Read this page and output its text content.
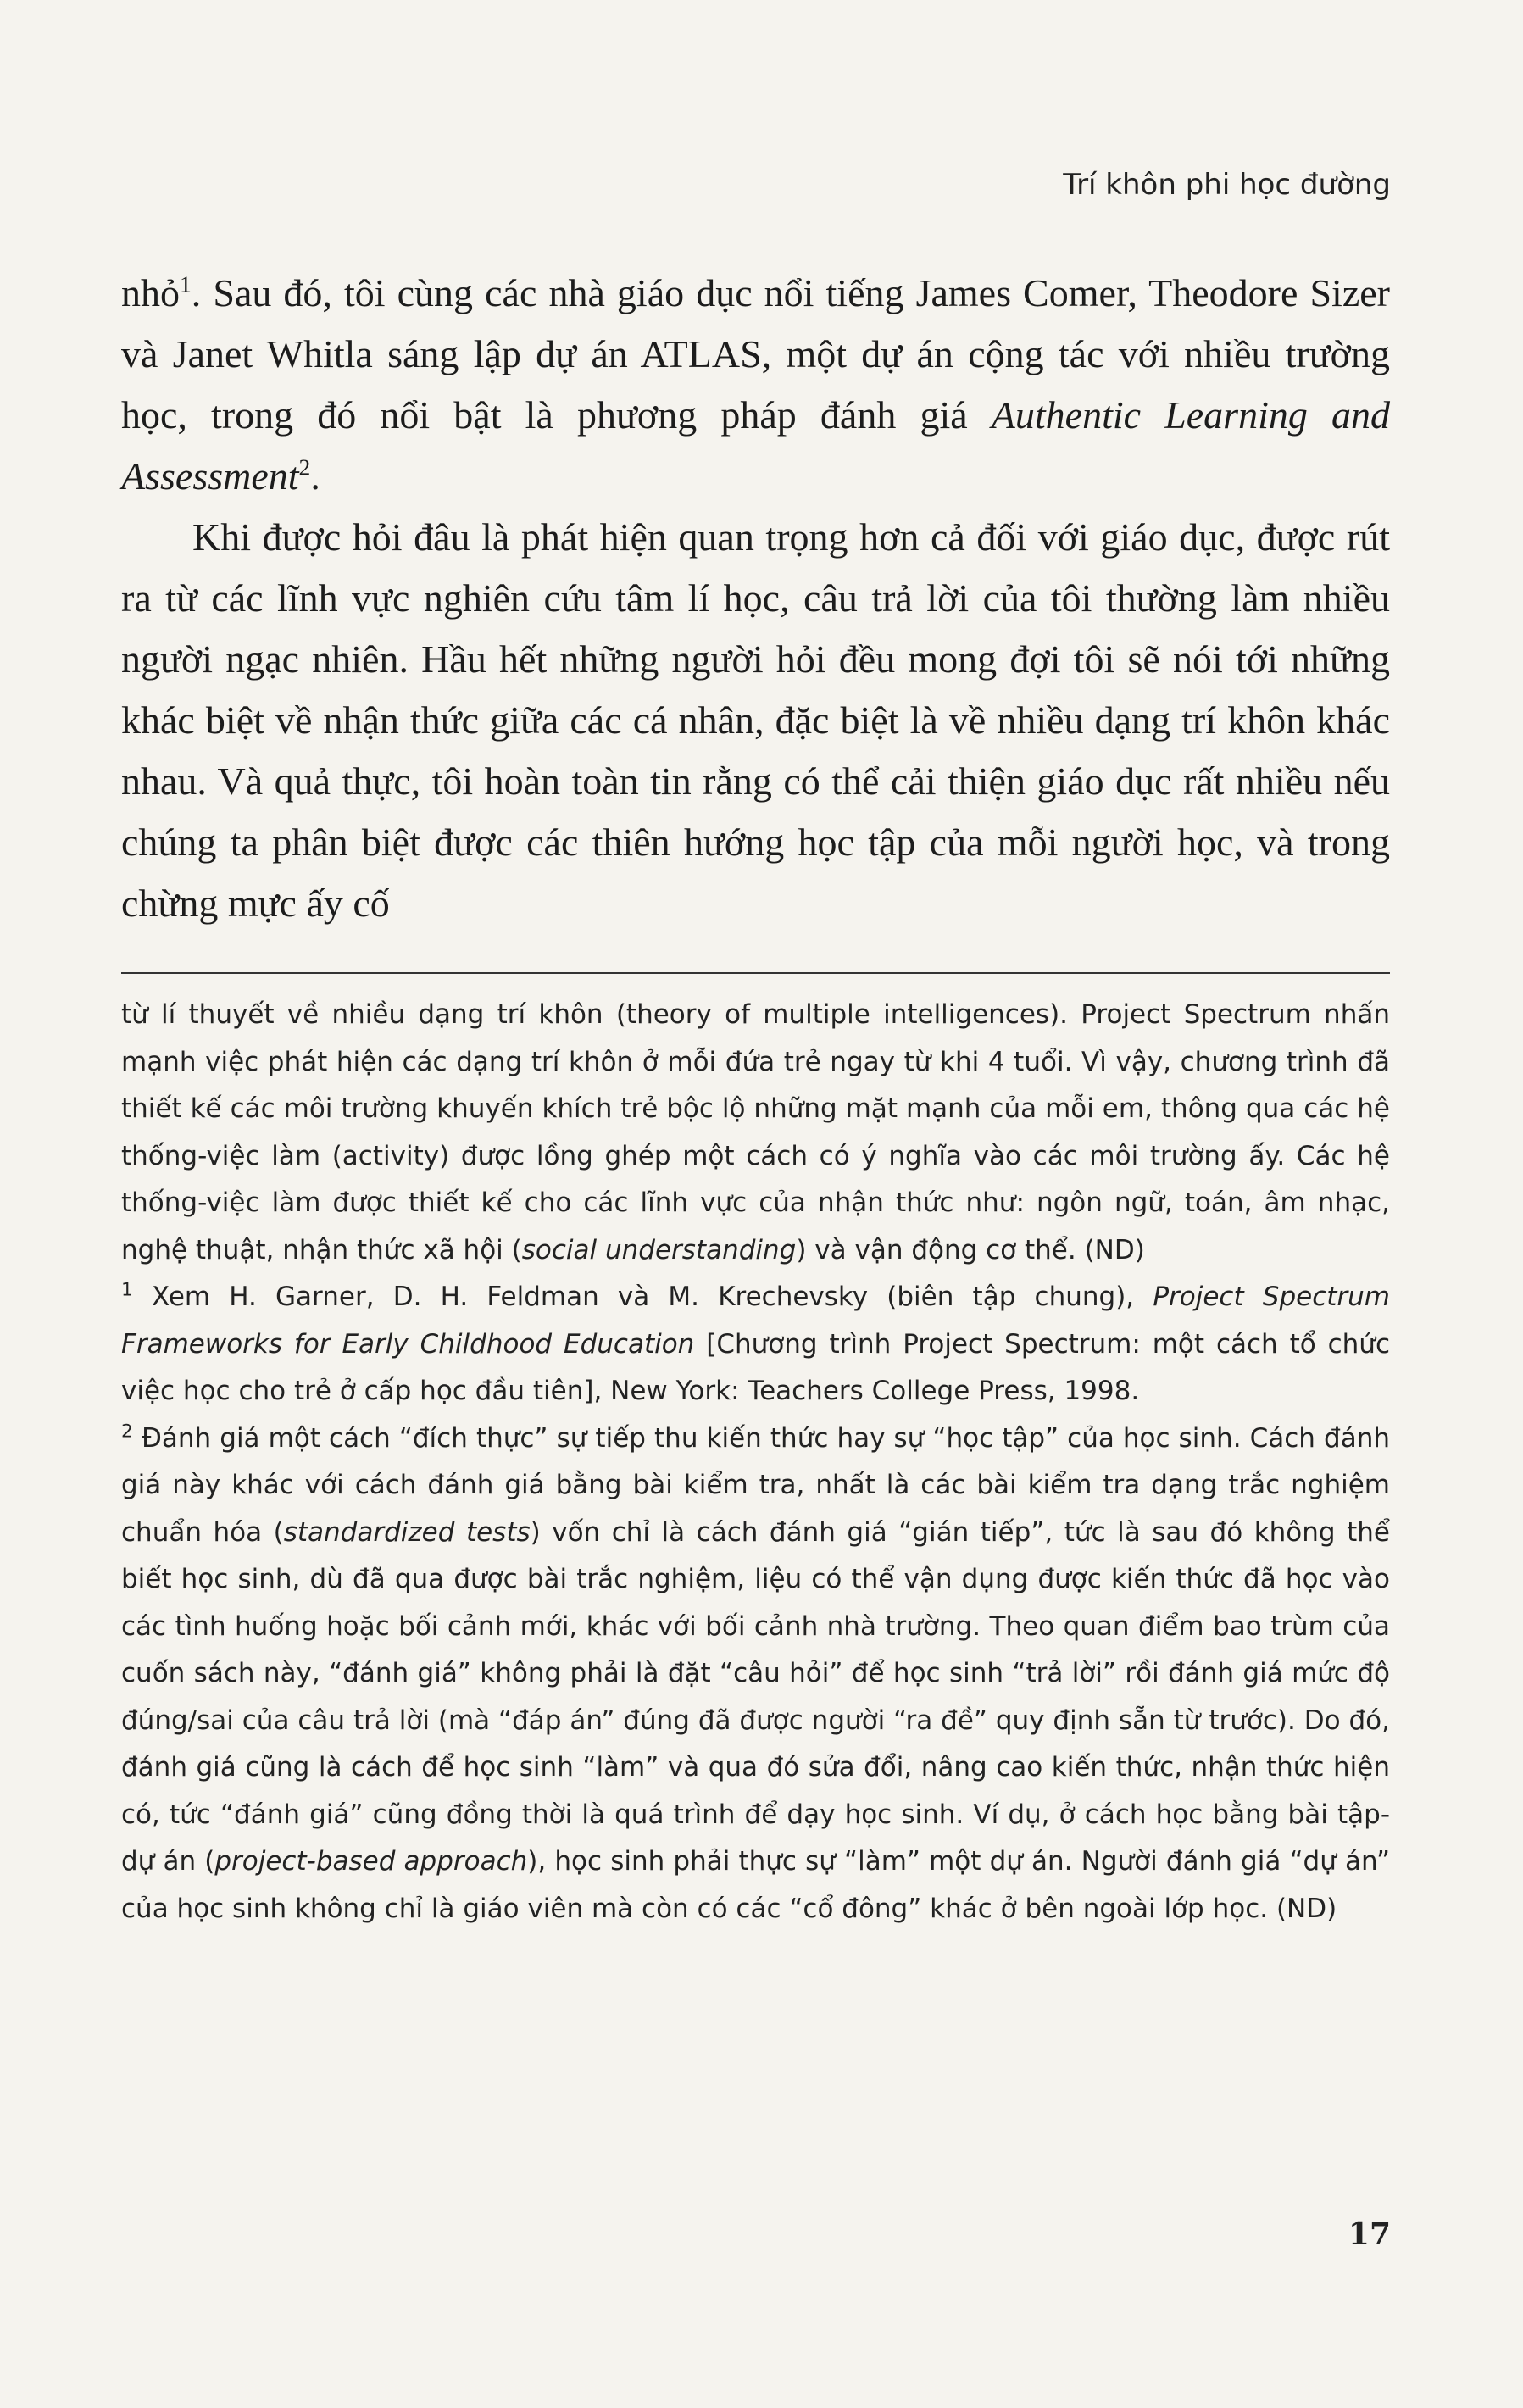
Trí khôn phi học đường

nhỏ$^1$. Sau đó, tôi cùng các nhà giáo dục nổi tiếng James Comer, Theodore Sizer và Janet Whitla sáng lập dự án ATLAS, một dự án cộng tác với nhiều trường học, trong đó nổi bật là phương pháp đánh giá Authentic Learning and Assessment$^2$.

Khi được hỏi đâu là phát hiện quan trọng hơn cả đối với giáo dục, được rút ra từ các lĩnh vực nghiên cứu tâm lí học, câu trả lời của tôi thường làm nhiều người ngạc nhiên. Hầu hết những người hỏi đều mong đợi tôi sẽ nói tới những khác biệt về nhận thức giữa các cá nhân, đặc biệt là về nhiều dạng trí khôn khác nhau. Và quả thực, tôi hoàn toàn tin rằng có thể cải thiện giáo dục rất nhiều nếu chúng ta phân biệt được các thiên hướng học tập của mỗi người học, và trong chừng mực ấy cố

từ lí thuyết về nhiều dạng trí khôn (theory of multiple intelligences). Project Spectrum nhấn mạnh việc phát hiện các dạng trí khôn ở mỗi đứa trẻ ngay từ khi 4 tuổi. Vì vậy, chương trình đã thiết kế các môi trường khuyến khích trẻ bộc lộ những mặt mạnh của mỗi em, thông qua các hệ thống-việc làm (activity) được lồng ghép một cách có ý nghĩa vào các môi trường ấy. Các hệ thống-việc làm được thiết kế cho các lĩnh vực của nhận thức như: ngôn ngữ, toán, âm nhạc, nghệ thuật, nhận thức xã hội (social understanding) và vận động cơ thể. (ND)

$^1$ Xem H. Garner, D. H. Feldman và M. Krechevsky (biên tập chung), Project Spectrum Frameworks for Early Childhood Education [Chương trình Project Spectrum: một cách tổ chức việc học cho trẻ ở cấp học đầu tiên], New York: Teachers College Press, 1998.

$^2$ Đánh giá một cách “đích thực” sự tiếp thu kiến thức hay sự “học tập” của học sinh. Cách đánh giá này khác với cách đánh giá bằng bài kiểm tra, nhất là các bài kiểm tra dạng trắc nghiệm chuẩn hóa (standardized tests) vốn chỉ là cách đánh giá “gián tiếp”, tức là sau đó không thể biết học sinh, dù đã qua được bài trắc nghiệm, liệu có thể vận dụng được kiến thức đã học vào các tình huống hoặc bối cảnh mới, khác với bối cảnh nhà trường. Theo quan điểm bao trùm của cuốn sách này, “đánh giá” không phải là đặt “câu hỏi” để học sinh “trả lời” rồi đánh giá mức độ đúng/sai của câu trả lời (mà “đáp án” đúng đã được người “ra đề” quy định sẵn từ trước). Do đó, đánh giá cũng là cách để học sinh “làm” và qua đó sửa đổi, nâng cao kiến thức, nhận thức hiện có, tức “đánh giá” cũng đồng thời là quá trình để dạy học sinh. Ví dụ, ở cách học bằng bài tập-dự án (project-based approach), học sinh phải thực sự “làm” một dự án. Người đánh giá “dự án” của học sinh không chỉ là giáo viên mà còn có các “cổ đông” khác ở bên ngoài lớp học. (ND)

17
